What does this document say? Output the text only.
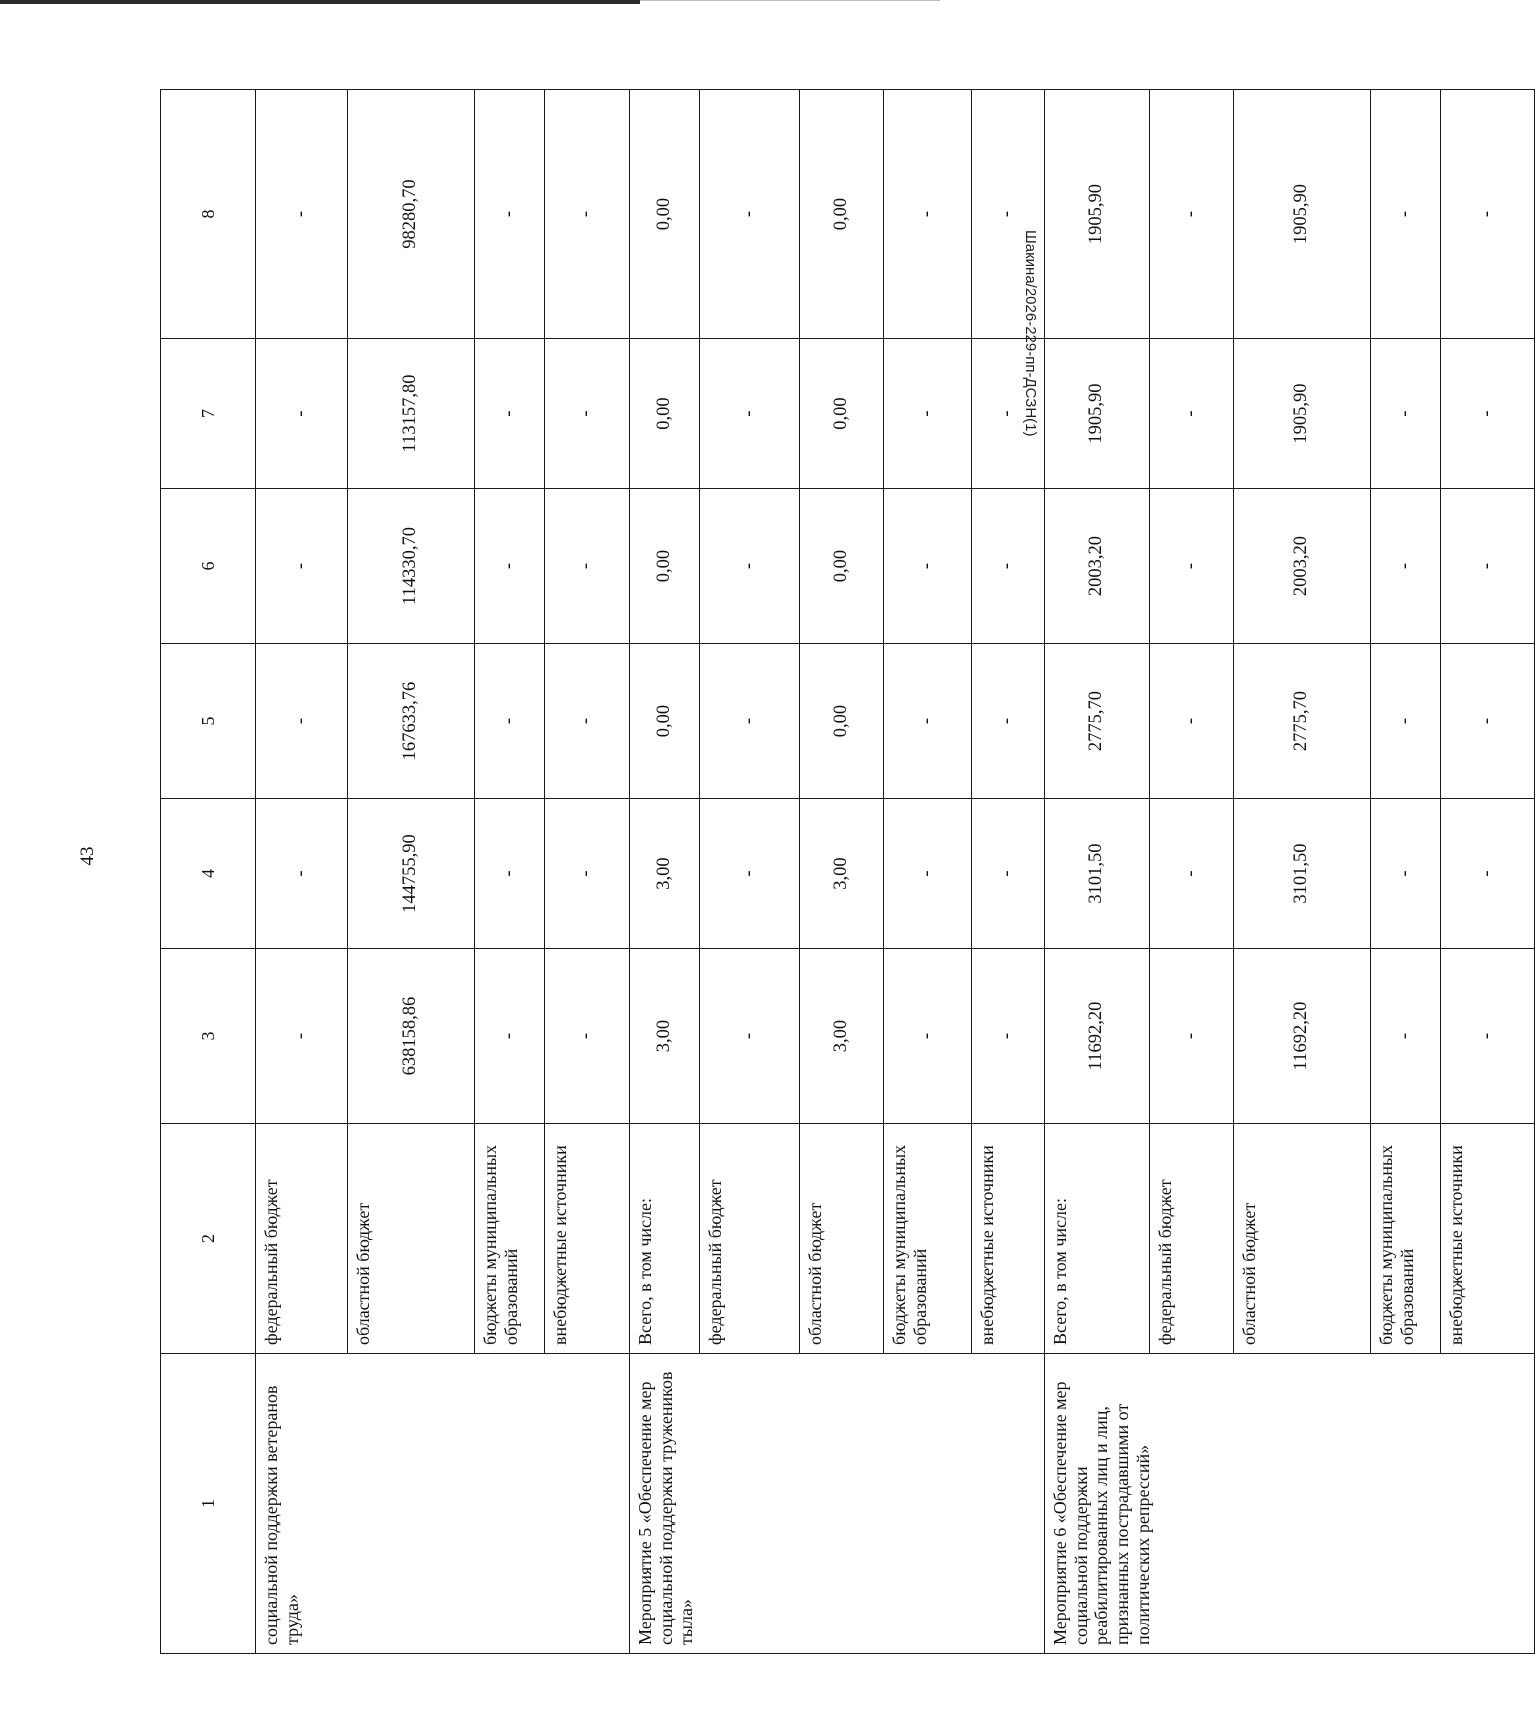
43
Шакина/2026-229-пп-ДСЗН(1)
1	2	3	4	5	6	7	8
социальной поддержки ветеранов труда»	федеральный бюджет	-	-	-	-	-	-
	областной бюджет	638158,86	144755,90	167633,76	114330,70	113157,80	98280,70
	бюджеты муниципальных образований	-	-	-	-	-	-
	внебюджетные источники	-	-	-	-	-	-
Мероприятие 5 «Обеспечение мер социальной поддержки тружеников тыла»	Всего, в том числе:	3,00	3,00	0,00	0,00	0,00	0,00
	федеральный бюджет	-	-	-	-	-	-
	областной бюджет	3,00	3,00	0,00	0,00	0,00	0,00
	бюджеты муниципальных образований	-	-	-	-	-	-
	внебюджетные источники	-	-	-	-	-	-
Мероприятие 6 «Обеспечение мер социальной поддержки реабилитированных лиц и лиц, признанных пострадавшими от политических репрессий»	Всего, в том числе:	11692,20	3101,50	2775,70	2003,20	1905,90	1905,90
	федеральный бюджет	-	-	-	-	-	-
	областной бюджет	11692,20	3101,50	2775,70	2003,20	1905,90	1905,90
	бюджеты муниципальных образований	-	-	-	-	-	-
	внебюджетные источники	-	-	-	-	-	-
